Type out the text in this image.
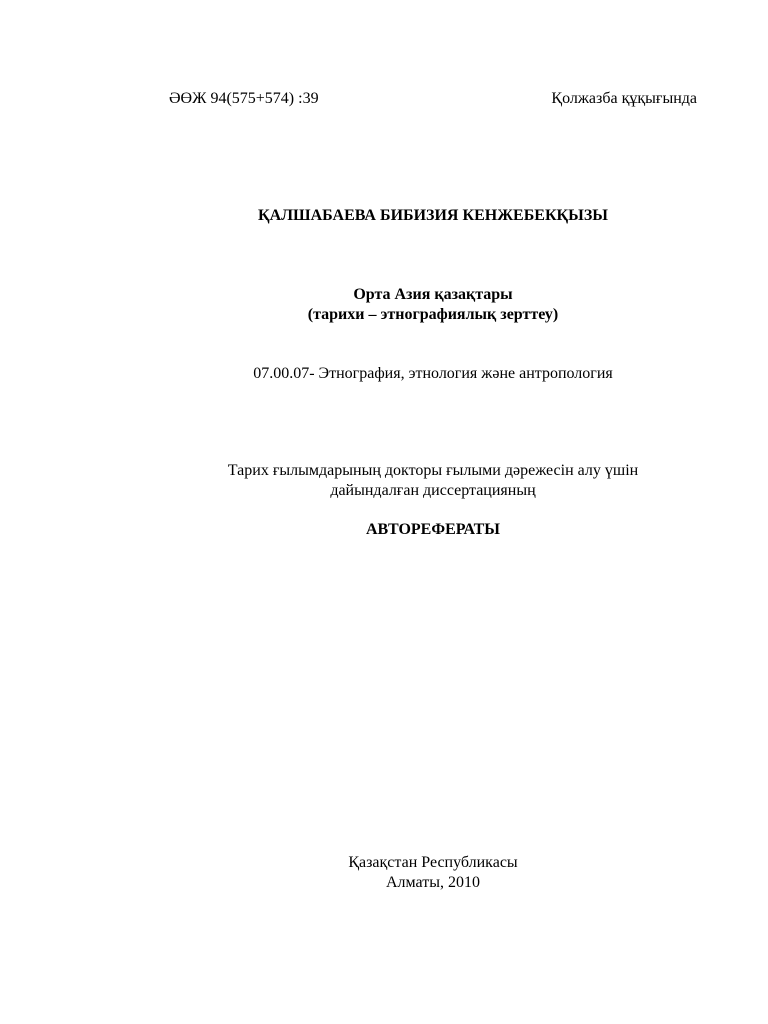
ӘӨЖ 94(575+574) :39	Қолжазба құқығында
ҚАЛШАБАЕВА БИБИЗИЯ КЕНЖЕБЕКҚЫЗЫ
Орта Азия қазақтары
(тарихи – этнографиялық зерттеу)
07.00.07- Этнография, этнология және антропология
Тарих ғылымдарының докторы ғылыми дәрежесін алу үшін
дайындалған диссертацияның
АВТОРЕФЕРАТЫ
Қазақстан Республикасы
Алматы, 2010
